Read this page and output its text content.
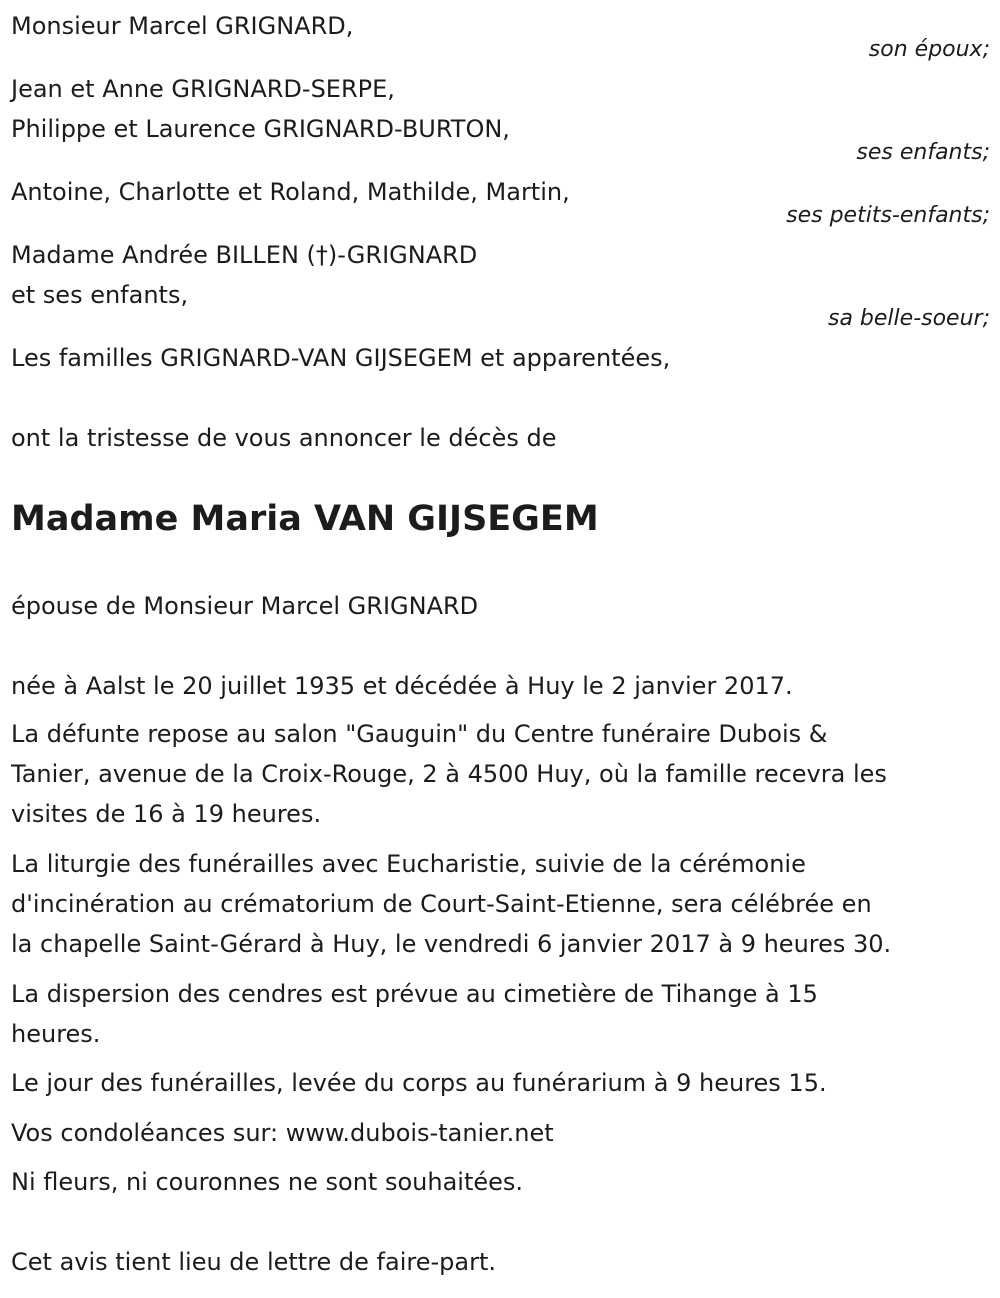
Monsieur Marcel GRIGNARD,
son époux;
Jean et Anne GRIGNARD-SERPE,
Philippe et Laurence GRIGNARD-BURTON,
ses enfants;
Antoine, Charlotte et Roland, Mathilde, Martin,
ses petits-enfants;
Madame Andrée BILLEN (†)-GRIGNARD
et ses enfants,
sa belle-soeur;
Les familles GRIGNARD-VAN GIJSEGEM et apparentées,
ont la tristesse de vous annoncer le décès de
Madame Maria VAN GIJSEGEM
épouse de Monsieur Marcel GRIGNARD
née à Aalst le 20 juillet 1935 et décédée à Huy le 2 janvier 2017.
La défunte repose au salon "Gauguin" du Centre funéraire Dubois &
Tanier, avenue de la Croix-Rouge, 2 à 4500 Huy, où la famille recevra les
visites de 16 à 19 heures.
La liturgie des funérailles avec Eucharistie, suivie de la cérémonie
d'incinération au crématorium de Court-Saint-Etienne, sera célébrée en
la chapelle Saint-Gérard à Huy, le vendredi 6 janvier 2017 à 9 heures 30.
La dispersion des cendres est prévue au cimetière de Tihange à 15
heures.
Le jour des funérailles, levée du corps au funérarium à 9 heures 15.
Vos condoléances sur: www.dubois-tanier.net
Ni fleurs, ni couronnes ne sont souhaitées.
Cet avis tient lieu de lettre de faire-part.
